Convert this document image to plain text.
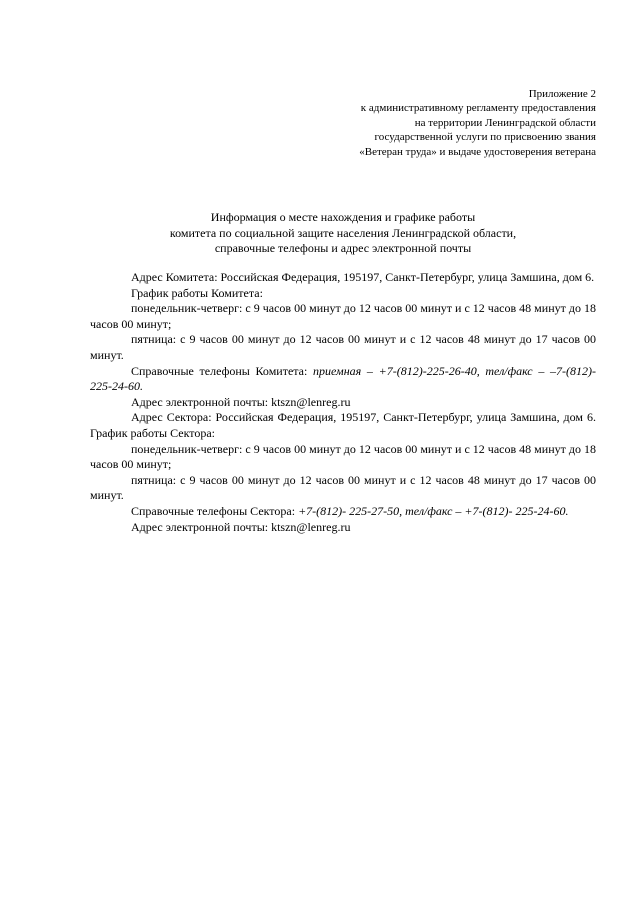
Приложение 2
к административному регламенту предоставления
на территории Ленинградской области
государственной услуги по присвоению звания
«Ветеран труда» и выдаче удостоверения ветерана
Информация о месте нахождения и графике работы
комитета по социальной защите населения Ленинградской области,
справочные телефоны и адрес электронной почты

Адрес Комитета: Российская Федерация, 195197, Санкт-Петербург, улица Замшина, дом 6.

График работы Комитета:

понедельник-четверг: с 9 часов 00 минут до 12 часов 00 минут и с 12 часов 48 минут до 18 часов 00 минут;

пятница: с 9 часов 00 минут до 12 часов 00 минут и с 12 часов 48 минут до 17 часов 00 минут.

Справочные телефоны Комитета: приемная – +7-(812)-225-26-40, тел/факс – –7-(812)- 225-24-60.

Адрес электронной почты: ktszn@lenreg.ru

Адрес Сектора: Российская Федерация, 195197, Санкт-Петербург, улица Замшина, дом 6. График работы Сектора:

понедельник-четверг: с 9 часов 00 минут до 12 часов 00 минут и с 12 часов 48 минут до 18 часов 00 минут;

пятница: с 9 часов 00 минут до 12 часов 00 минут и с 12 часов 48 минут до 17 часов 00 минут.

Справочные телефоны Сектора: +7-(812)- 225-27-50, тел/факс – +7-(812)- 225-24-60.

Адрес электронной почты: ktszn@lenreg.ru
